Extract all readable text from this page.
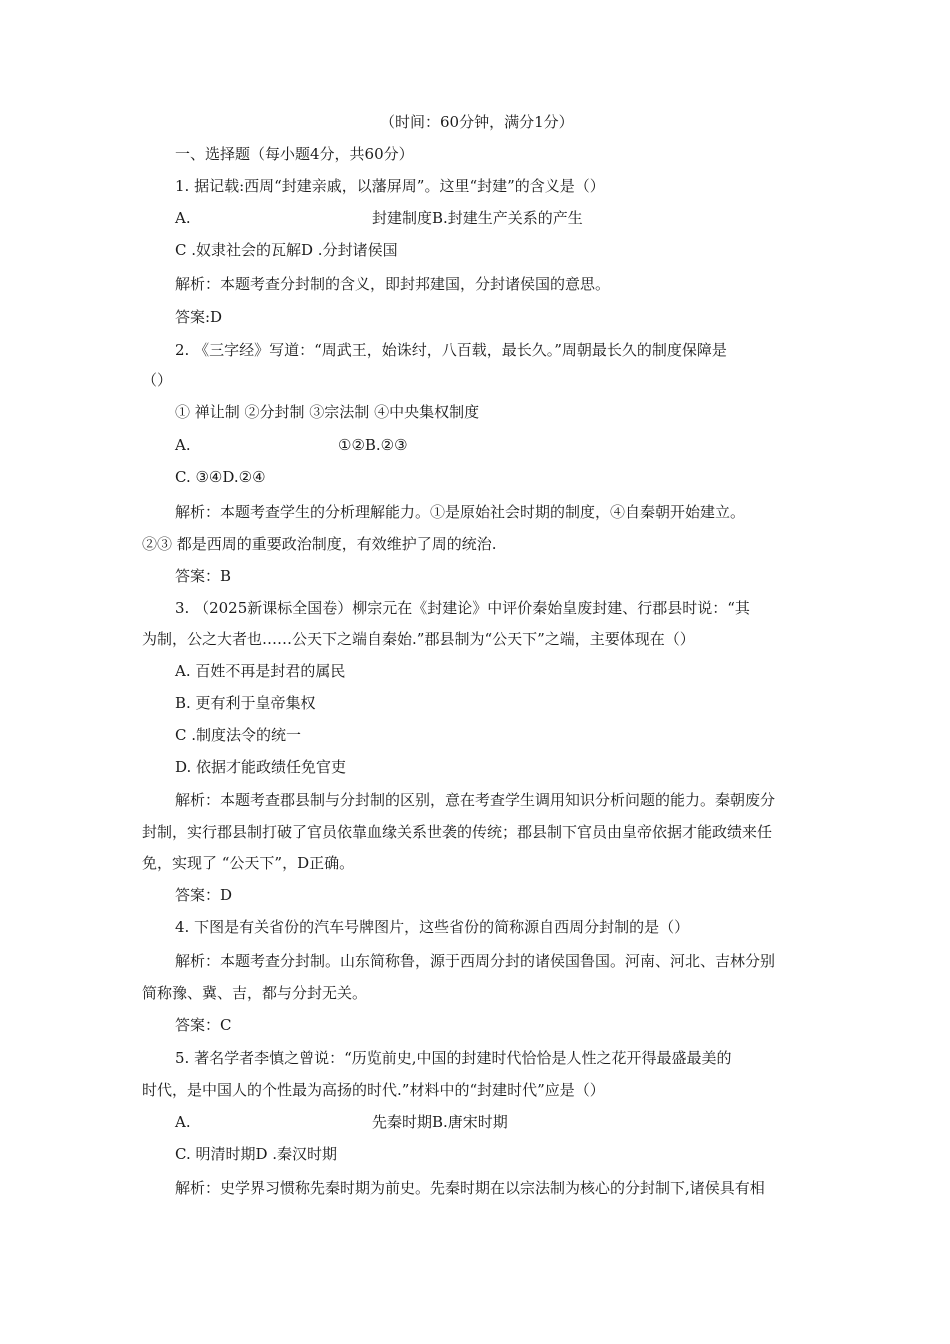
（时间：60分钟，满分1分）
一、选择题（每小题4分，共60分）
1. 据记载:西周“封建亲戚，以藩屏周”。这里“封建”的含义是（）
A.	封建制度B.封建生产关系的产生
C .奴隶社会的瓦解D .分封诸侯国
解析：本题考查分封制的含义，即封邦建国，分封诸侯国的意思。
答案:D
2. 《三字经》写道：“周武王，始诛纣，八百载，最长久。”周朝最长久的制度保障是
（）
① 禅让制 ②分封制 ③宗法制 ④中央集权制度
A.	①②B.②③
C. ③④D.②④
解析：本题考查学生的分析理解能力。①是原始社会时期的制度，④自秦朝开始建立。
②③ 都是西周的重要政治制度，有效维护了周的统治.
答案：B
3. （2025新课标全国卷）柳宗元在《封建论》中评价秦始皇废封建、行郡县时说：“其
为制，公之大者也……公天下之端自秦始.”郡县制为“公天下”之端，主要体现在（）
A. 百姓不再是封君的属民
B. 更有利于皇帝集权
C .制度法令的统一
D. 依据才能政绩任免官吏
解析：本题考查郡县制与分封制的区别，意在考查学生调用知识分析问题的能力。秦朝废分
封制，实行郡县制打破了官员依靠血缘关系世袭的传统；郡县制下官员由皇帝依据才能政绩来任
免，实现了 “公天下”，D正确。
答案：D
4. 下图是有关省份的汽车号牌图片，这些省份的简称源自西周分封制的是（）
解析：本题考查分封制。山东简称鲁，源于西周分封的诸侯国鲁国。河南、河北、吉林分别
简称豫、冀、吉，都与分封无关。
答案：C
5. 著名学者李慎之曾说：“历览前史,中国的封建时代恰恰是人性之花开得最盛最美的
时代，是中国人的个性最为高扬的时代.”材料中的“封建时代”应是（）
A.	先秦时期B.唐宋时期
C. 明清时期D .秦汉时期
解析：史学界习惯称先秦时期为前史。先秦时期在以宗法制为核心的分封制下,诸侯具有相
